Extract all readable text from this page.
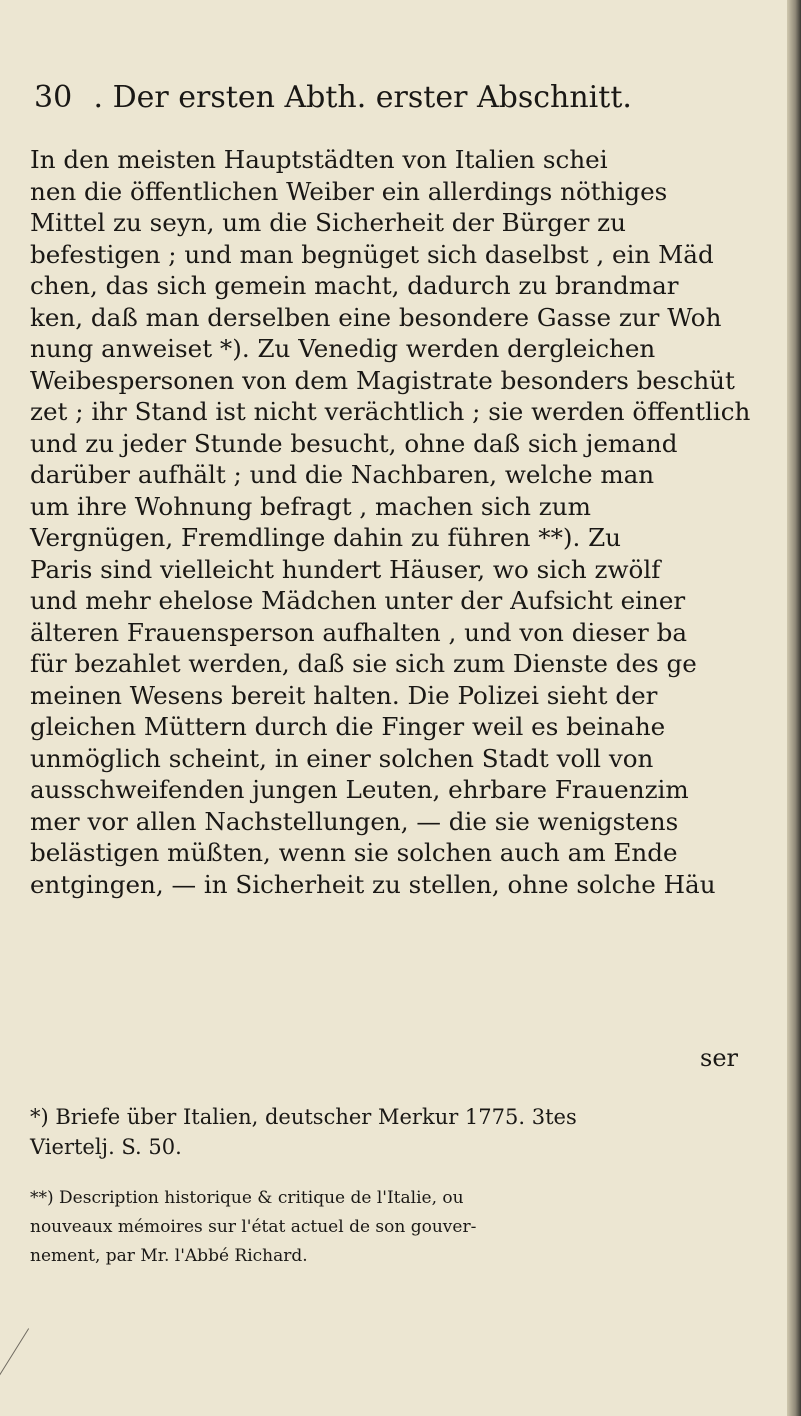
30 . Der ersten Abth. erster Abschnitt.
In den meisten Hauptstädten von Italien schei
nen die öffentlichen Weiber ein allerdings nöthiges
Mittel zu seyn, um die Sicherheit der Bürger zu
befestigen ; und man begnüget sich daselbst , ein Mäd
chen, das sich gemein macht, dadurch zu brandmar
ken, daß man derselben eine besondere Gasse zur Woh
nung anweiset *). Zu Venedig werden dergleichen
Weibespersonen von dem Magistrate besonders beschüt
zet ; ihr Stand ist nicht verächtlich ; sie werden öffentlich
und zu jeder Stunde besucht, ohne daß sich jemand
darüber aufhält ; und die Nachbaren, welche man
um ihre Wohnung befragt , machen sich zum
Vergnügen, Fremdlinge dahin zu führen **). Zu
Paris sind vielleicht hundert Häuser, wo sich zwölf
und mehr ehelose Mädchen unter der Aufsicht einer
älteren Frauensperson aufhalten , und von dieser ba
für bezahlet werden, daß sie sich zum Dienste des ge
meinen Wesens bereit halten. Die Polizei sieht der
gleichen Müttern durch die Finger weil es beinahe
unmöglich scheint, in einer solchen Stadt voll von
ausschweifenden jungen Leuten, ehrbare Frauenzim
mer vor allen Nachstellungen, — die sie wenigstens
belästigen müßten, wenn sie solchen auch am Ende
entgingen, — in Sicherheit zu stellen, ohne solche Häu
ser
*) Briefe über Italien, deutscher Merkur 1775. 3tes
Viertelj. S. 50.
**) Description historique & critique de l'Italie, ou
nouveaux mémoires sur l'état actuel de son gouver-
nement, par Mr. l'Abbé Richard.
